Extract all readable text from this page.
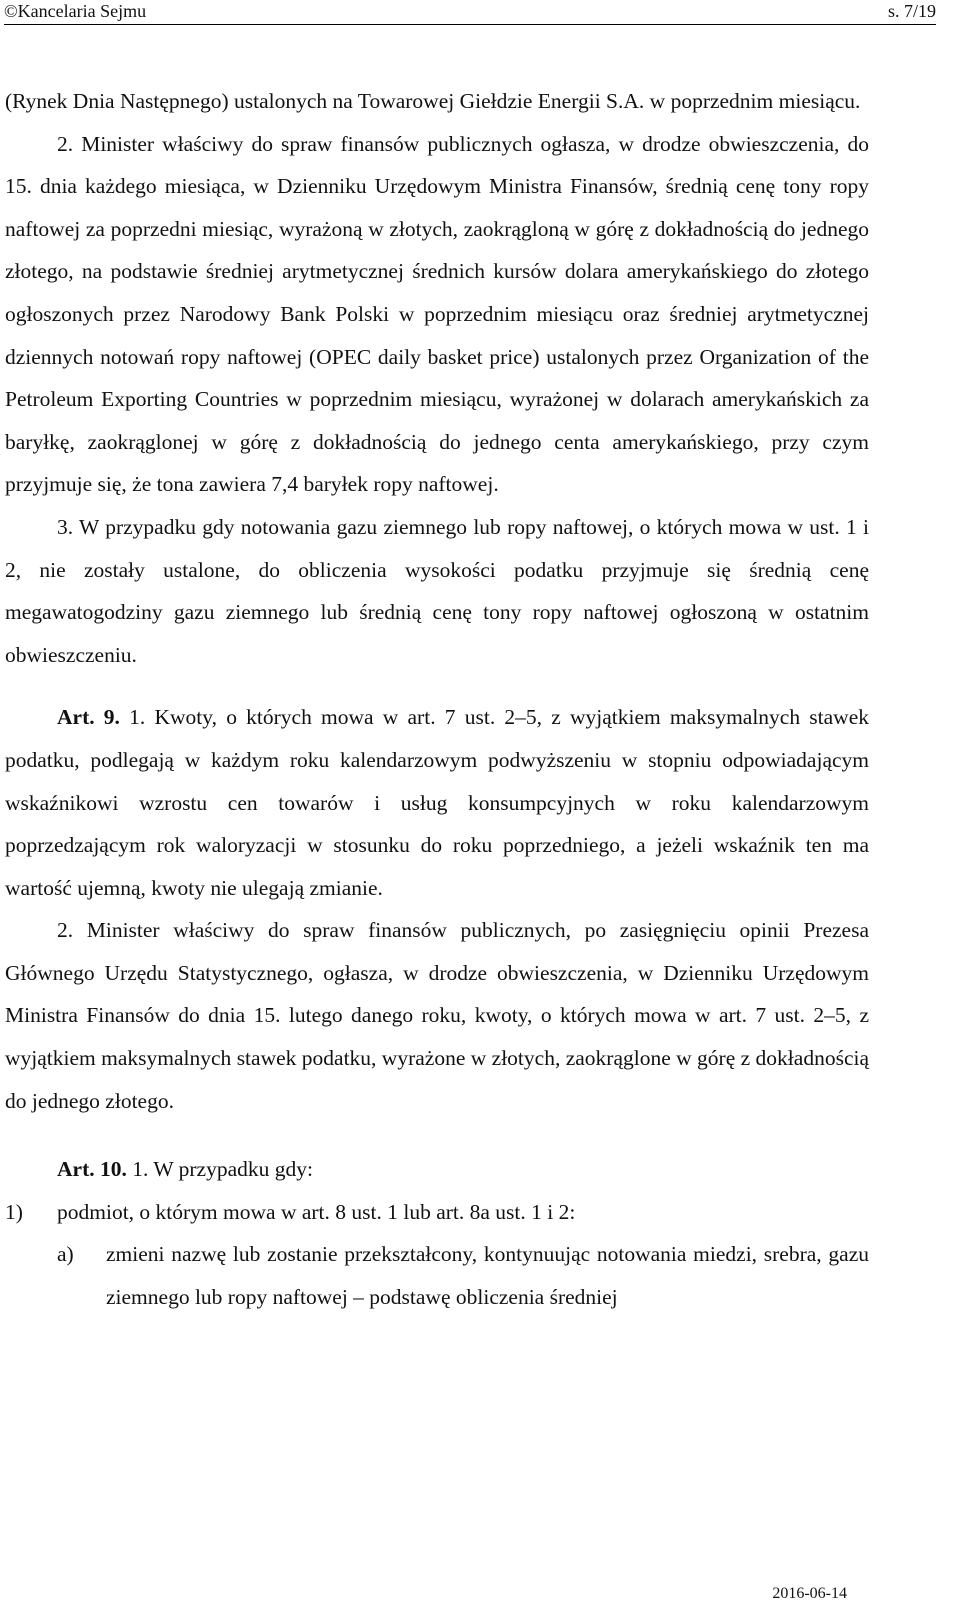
©Kancelaria Sejmu	s. 7/19

(Rynek Dnia Następnego) ustalonych na Towarowej Giełdzie Energii S.A. w poprzednim miesiącu.

2. Minister właściwy do spraw finansów publicznych ogłasza, w drodze obwieszczenia, do 15. dnia każdego miesiąca, w Dzienniku Urzędowym Ministra Finansów, średnią cenę tony ropy naftowej za poprzedni miesiąc, wyrażoną w złotych, zaokrągloną w górę z dokładnością do jednego złotego, na podstawie średniej arytmetycznej średnich kursów dolara amerykańskiego do złotego ogłoszonych przez Narodowy Bank Polski w poprzednim miesiącu oraz średniej arytmetycznej dziennych notowań ropy naftowej (OPEC daily basket price) ustalonych przez Organization of the Petroleum Exporting Countries w poprzednim miesiącu, wyrażonej w dolarach amerykańskich za baryłkę, zaokrąglonej w górę z dokładnością do jednego centa amerykańskiego, przy czym przyjmuje się, że tona zawiera 7,4 baryłek ropy naftowej.

3. W przypadku gdy notowania gazu ziemnego lub ropy naftowej, o których mowa w ust. 1 i 2, nie zostały ustalone, do obliczenia wysokości podatku przyjmuje się średnią cenę megawatogodziny gazu ziemnego lub średnią cenę tony ropy naftowej ogłoszoną w ostatnim obwieszczeniu.

Art. 9. 1. Kwoty, o których mowa w art. 7 ust. 2–5, z wyjątkiem maksymalnych stawek podatku, podlegają w każdym roku kalendarzowym podwyższeniu w stopniu odpowiadającym wskaźnikowi wzrostu cen towarów i usług konsumpcyjnych w roku kalendarzowym poprzedzającym rok waloryzacji w stosunku do roku poprzedniego, a jeżeli wskaźnik ten ma wartość ujemną, kwoty nie ulegają zmianie.

2. Minister właściwy do spraw finansów publicznych, po zasięgnięciu opinii Prezesa Głównego Urzędu Statystycznego, ogłasza, w drodze obwieszczenia, w Dzienniku Urzędowym Ministra Finansów do dnia 15. lutego danego roku, kwoty, o których mowa w art. 7 ust. 2–5, z wyjątkiem maksymalnych stawek podatku, wyrażone w złotych, zaokrąglone w górę z dokładnością do jednego złotego.

Art. 10. 1. W przypadku gdy:

1) podmiot, o którym mowa w art. 8 ust. 1 lub art. 8a ust. 1 i 2:

a) zmieni nazwę lub zostanie przekształcony, kontynuując notowania miedzi, srebra, gazu ziemnego lub ropy naftowej – podstawę obliczenia średniej

2016-06-14
